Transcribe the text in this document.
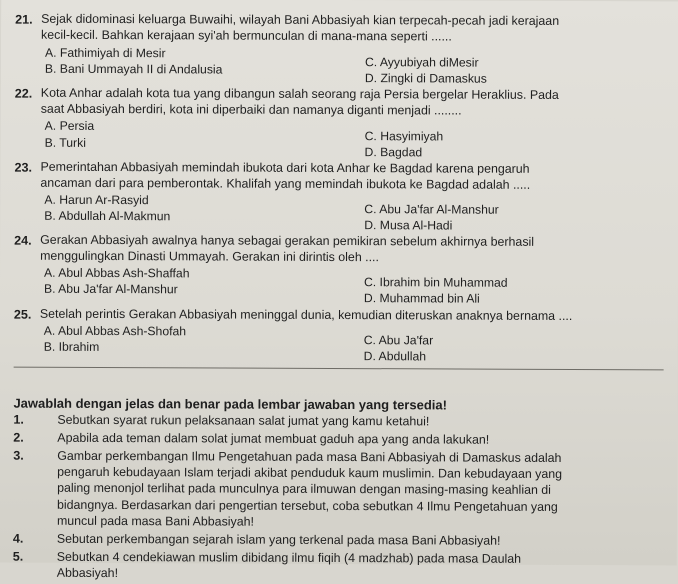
21. Sejak didominasi keluarga Buwaihi, wilayah Bani Abbasiyah kian terpecah-pecah jadi kerajaan
kecil-kecil. Bahkan kerajaan syi'ah bermunculan di mana-mana seperti ......
A. Fathimiyah di Mesir
B. Bani Ummayah II di Andalusia	C. Ayyubiyah diMesir
D. Zingki di Damaskus
22. Kota Anhar adalah kota tua yang dibangun salah seorang raja Persia bergelar Heraklius. Pada
saat Abbasiyah berdiri, kota ini diperbaiki dan namanya diganti menjadi ........
A. Persia
B. Turki	C. Hasyimiyah
D. Bagdad
23. Pemerintahan Abbasiyah memindah ibukota dari kota Anhar ke Bagdad karena pengaruh
ancaman dari para pemberontak. Khalifah yang memindah ibukota ke Bagdad adalah .....
A. Harun Ar-Rasyid
B. Abdullah Al-Makmun	C. Abu Ja'far Al-Manshur
D. Musa Al-Hadi
24. Gerakan Abbasiyah awalnya hanya sebagai gerakan pemikiran sebelum akhirnya berhasil
menggulingkan Dinasti Ummayah. Gerakan ini dirintis oleh ....
A. Abul Abbas Ash-Shaffah
B. Abu Ja'far Al-Manshur	C. Ibrahim bin Muhammad
D. Muhammad bin Ali
25. Setelah perintis Gerakan Abbasiyah meninggal dunia, kemudian diteruskan anaknya bernama ....
A. Abul Abbas Ash-Shofah
B. Ibrahim	C. Abu Ja'far
D. Abdullah
Jawablah dengan jelas dan benar pada lembar jawaban yang tersedia!
1.	Sebutkan syarat rukun pelaksanaan salat jumat yang kamu ketahui!
2.	Apabila ada teman dalam solat jumat membuat gaduh apa yang anda lakukan!
3.	Gambar perkembangan Ilmu Pengetahuan pada masa Bani Abbasiyah di Damaskus adalah
pengaruh kebudayaan Islam terjadi akibat penduduk kaum muslimin. Dan kebudayaan yang
paling menonjol terlihat pada munculnya para ilmuwan dengan masing-masing keahlian di
bidangnya. Berdasarkan dari pengertian tersebut, coba sebutkan 4 Ilmu Pengetahuan yang
muncul pada masa Bani Abbasiyah!
4.	Sebutan perkembangan sejarah islam yang terkenal pada masa Bani Abbasiyah!
5.	Sebutkan 4 cendekiawan muslim dibidang ilmu fiqih (4 madzhab) pada masa Daulah
Abbasiyah!
